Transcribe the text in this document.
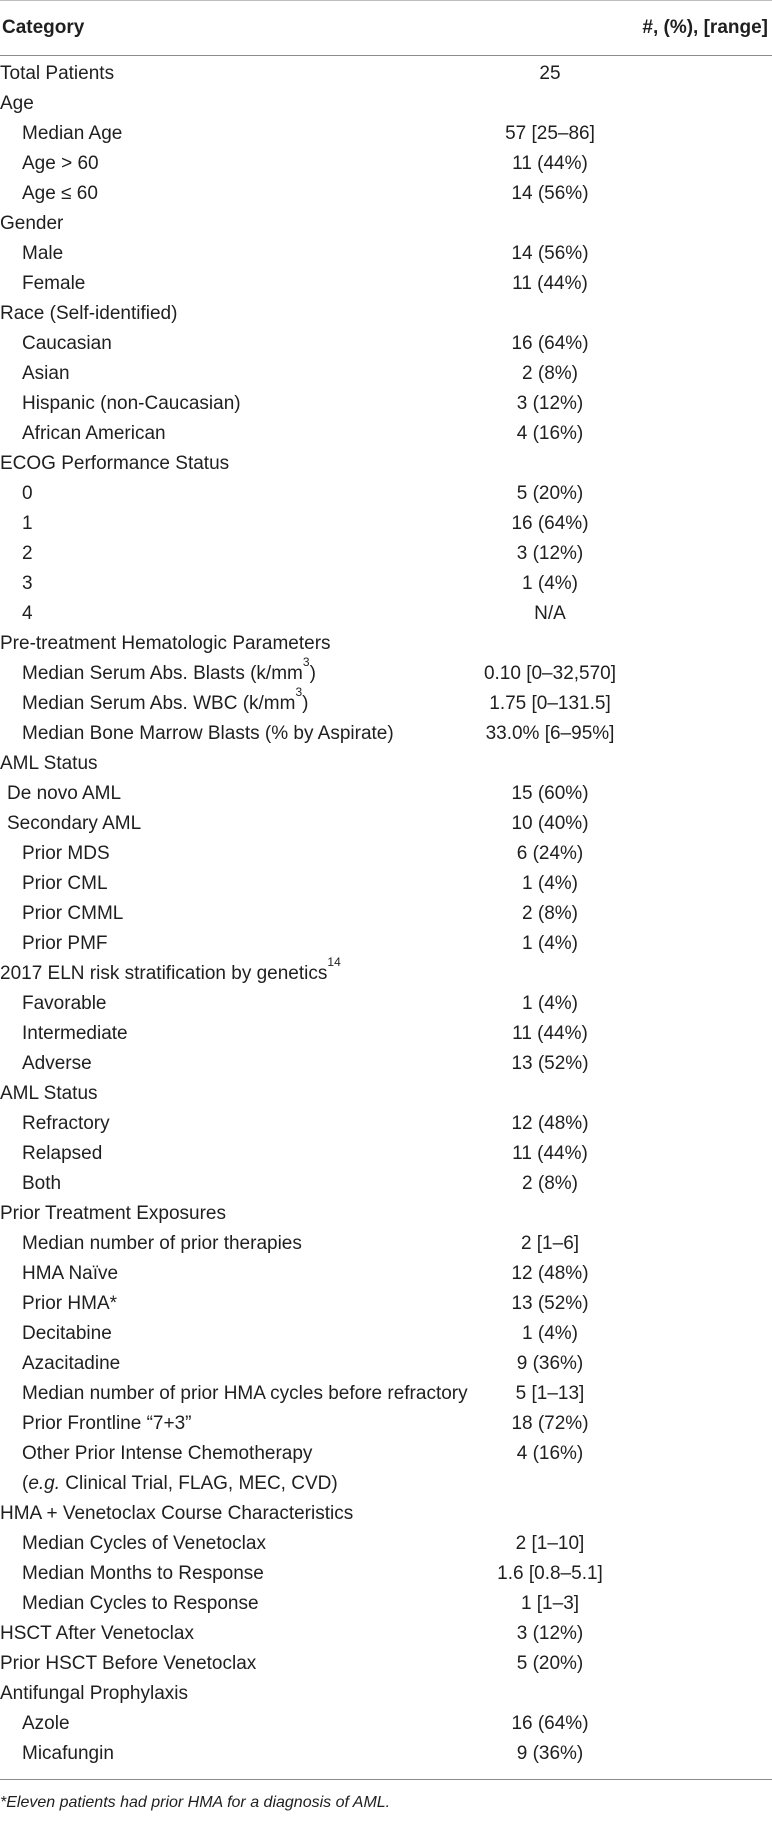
Category	#, (%), [range]
Total Patients	25
Age
Median Age	57 [25–86]
Age > 60	11 (44%)
Age ≤ 60	14 (56%)
Gender
Male	14 (56%)
Female	11 (44%)
Race (Self-identified)
Caucasian	16 (64%)
Asian	2 (8%)
Hispanic (non-Caucasian)	3 (12%)
African American	4 (16%)
ECOG Performance Status
0	5 (20%)
1	16 (64%)
2	3 (12%)
3	1 (4%)
4	N/A
Pre-treatment Hematologic Parameters
Median Serum Abs. Blasts $(k/mm^3)$	0.10 [0–32,570]
Median Serum Abs. WBC $(k/mm^3)$	1.75 [0–131.5]
Median Bone Marrow Blasts (% by Aspirate)	33.0% [6–95%]
AML Status
De novo AML	15 (60%)
Secondary AML	10 (40%)
Prior MDS	6 (24%)
Prior CML	1 (4%)
Prior CMML	2 (8%)
Prior PMF	1 (4%)
2017 ELN risk stratification by genetics$^{14}$
Favorable	1 (4%)
Intermediate	11 (44%)
Adverse	13 (52%)
AML Status
Refractory	12 (48%)
Relapsed	11 (44%)
Both	2 (8%)
Prior Treatment Exposures
Median number of prior therapies	2 [1–6]
HMA Naïve	12 (48%)
Prior HMA*	13 (52%)
Decitabine	1 (4%)
Azacitadine	9 (36%)
Median number of prior HMA cycles before refractory	5 [1–13]
Prior Frontline “7+3”	18 (72%)
Other Prior Intense Chemotherapy	4 (16%)
(e.g. Clinical Trial, FLAG, MEC, CVD)
HMA + Venetoclax Course Characteristics
Median Cycles of Venetoclax	2 [1–10]
Median Months to Response	1.6 [0.8–5.1]
Median Cycles to Response	1 [1–3]
HSCT After Venetoclax	3 (12%)
Prior HSCT Before Venetoclax	5 (20%)
Antifungal Prophylaxis
Azole	16 (64%)
Micafungin	9 (36%)
*Eleven patients had prior HMA for a diagnosis of AML.
